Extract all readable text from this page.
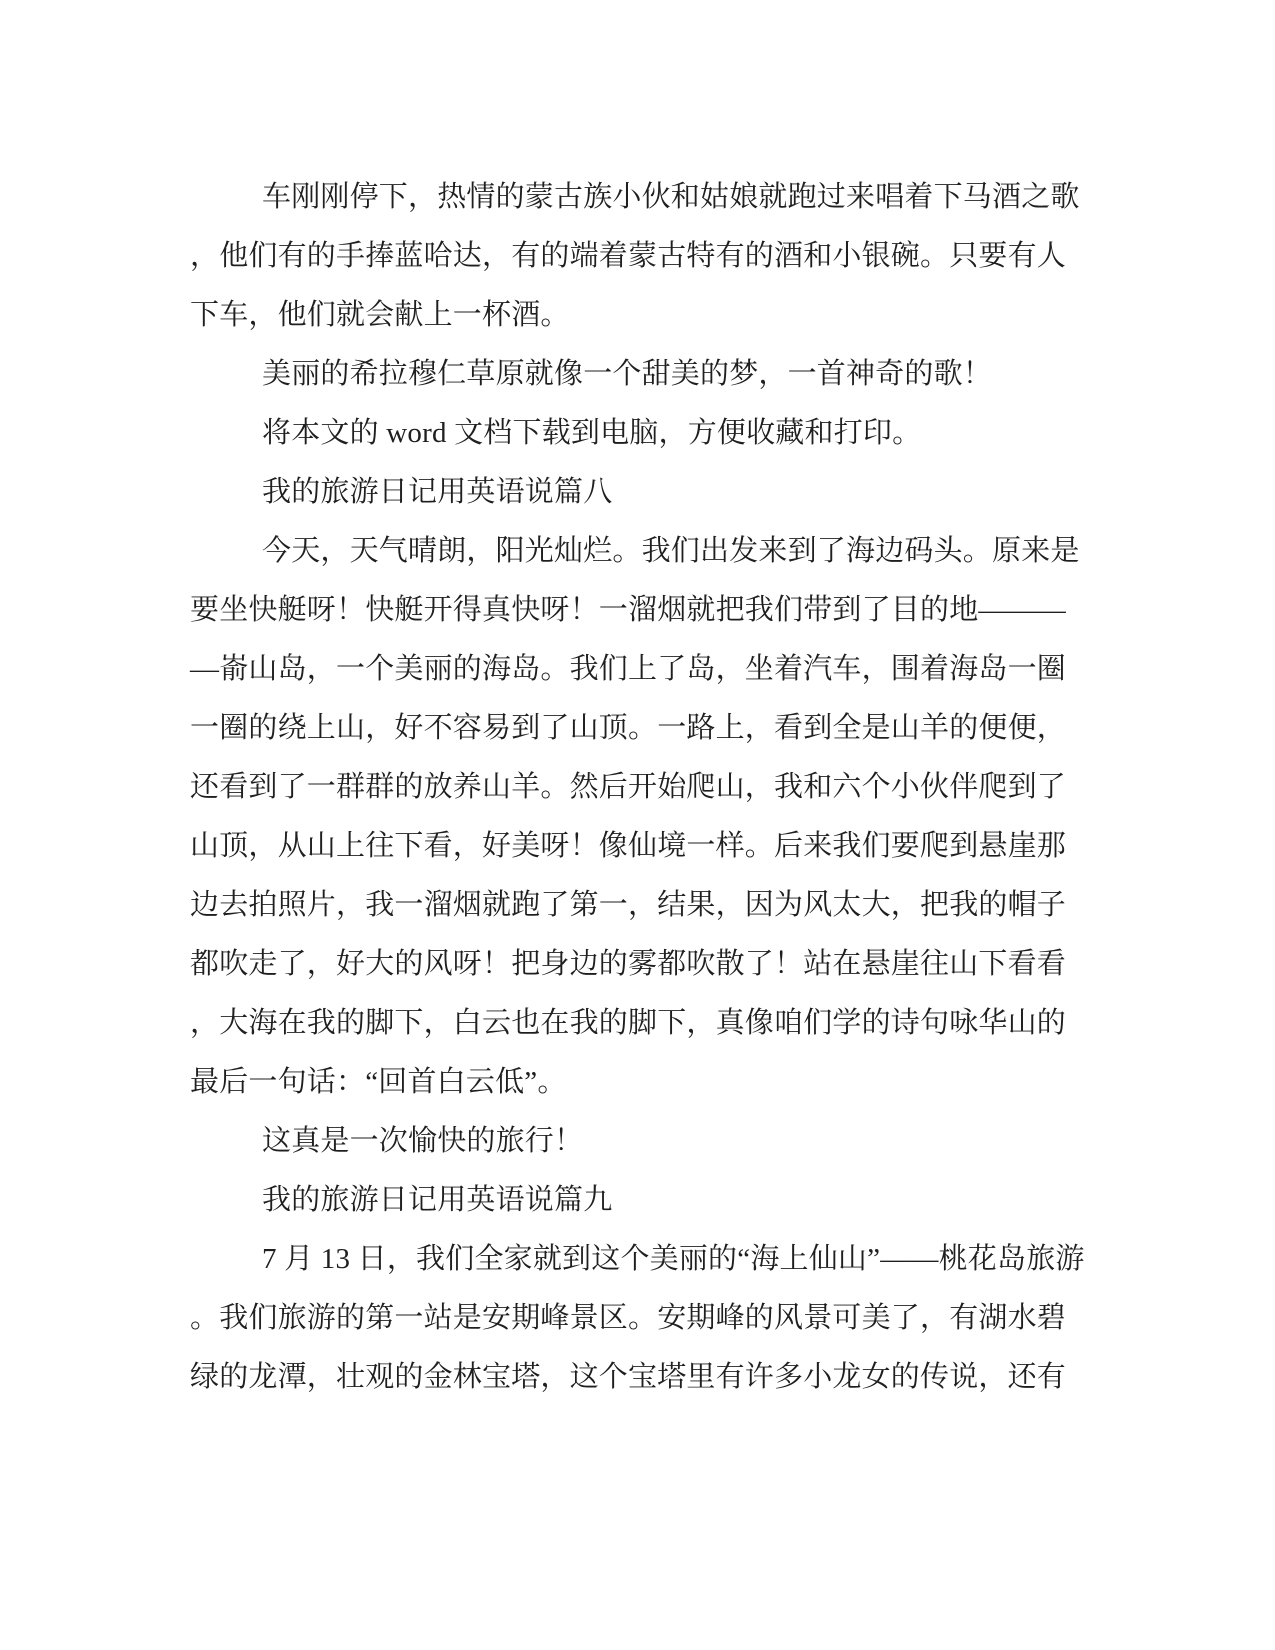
车刚刚停下，热情的蒙古族小伙和姑娘就跑过来唱着下马酒之歌
，他们有的手捧蓝哈达，有的端着蒙古特有的酒和小银碗。只要有人
下车，他们就会献上一杯酒。
美丽的希拉穆仁草原就像一个甜美的梦，一首神奇的歌！
将本文的 word 文档下载到电脑，方便收藏和打印。
我的旅游日记用英语说篇八
今天，天气晴朗，阳光灿烂。我们出发来到了海边码头。原来是
要坐快艇呀！快艇开得真快呀！一溜烟就把我们带到了目的地———
—嵛山岛，一个美丽的海岛。我们上了岛，坐着汽车，围着海岛一圈
一圈的绕上山，好不容易到了山顶。一路上，看到全是山羊的便便，
还看到了一群群的放养山羊。然后开始爬山，我和六个小伙伴爬到了
山顶，从山上往下看，好美呀！像仙境一样。后来我们要爬到悬崖那
边去拍照片，我一溜烟就跑了第一，结果，因为风太大，把我的帽子
都吹走了，好大的风呀！把身边的雾都吹散了！站在悬崖往山下看看
，大海在我的脚下，白云也在我的脚下，真像咱们学的诗句咏华山的
最后一句话：“回首白云低”。
这真是一次愉快的旅行！
我的旅游日记用英语说篇九
7 月 13 日，我们全家就到这个美丽的“海上仙山”——桃花岛旅游
。我们旅游的第一站是安期峰景区。安期峰的风景可美了，有湖水碧
绿的龙潭，壮观的金林宝塔，这个宝塔里有许多小龙女的传说，还有
